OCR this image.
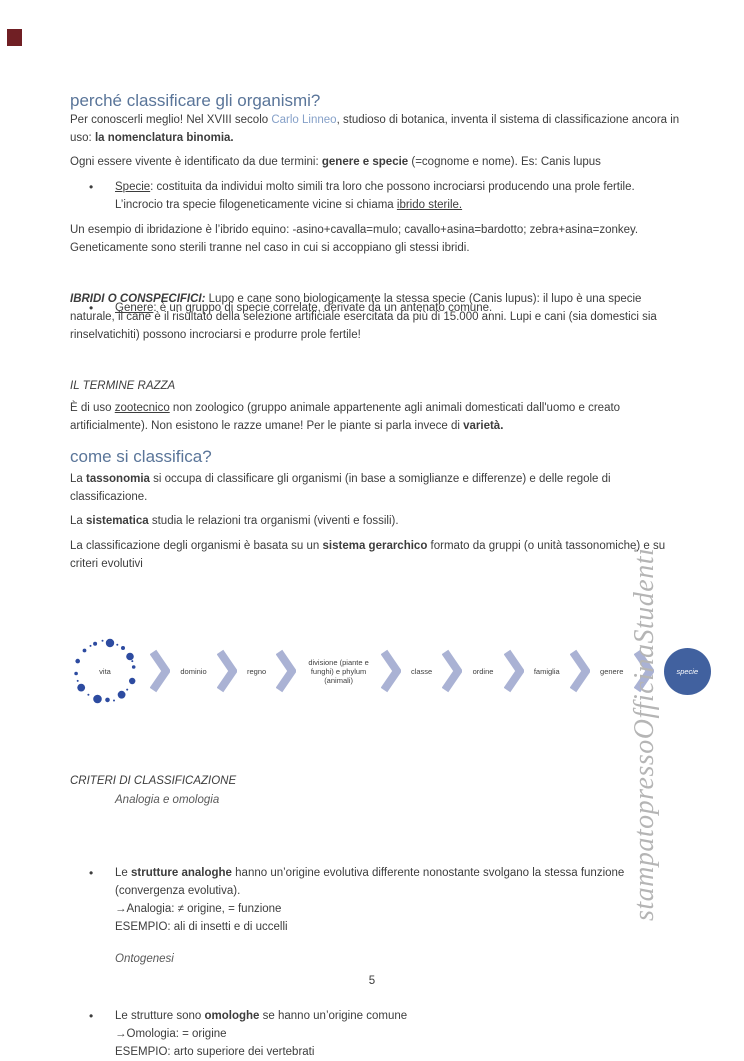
perché classificare gli organismi?
Per conoscerli meglio! Nel XVIII secolo Carlo Linneo, studioso di botanica, inventa il sistema di classificazione ancora in uso: la nomenclatura binomia.
Ogni essere vivente è identificato da due termini: genere e specie (=cognome e nome). Es: Canis lupus
• Specie: costituita da individui molto simili tra loro che possono incrociarsi producendo una prole fertile. L’incrocio tra specie filogeneticamente vicine si chiama ibrido sterile.
Un esempio di ibridazione è l’ibrido equino: -asino+cavalla=mulo; cavallo+asina=bardotto; zebra+asina=zonkey. Geneticamente sono sterili tranne nel caso in cui si accoppiano gli stessi ibridi.
• Genere: è un gruppo di specie correlate, derivate da un antenato comune.
IBRIDI O CONSPECIFICI: Lupo e cane sono biologicamente la stessa specie (Canis lupus): il lupo è una specie naturale, il cane è il risultato della selezione artificiale esercitata da più di 15.000 anni. Lupi e cani (sia domestici sia rinselvatichiti) possono incrociarsi e produrre prole fertile!
IL TERMINE RAZZA
È di uso zootecnico non zoologico (gruppo animale appartenente agli animali domesticati dall'uomo e creato artificialmente). Non esistono le razze umane! Per le piante si parla invece di varietà.
come si classifica?
La tassonomia si occupa di classificare gli organismi (in base a somiglianze e differenze) e delle regole di classificazione.
La sistematica studia le relazioni tra organismi (viventi e fossili).
La classificazione degli organismi è basata su un sistema gerarchico formato da gruppi (o unità tassonomiche) e su criteri evolutivi
vita	dominio	regno
divisione (piante e funghi) e phylum (animali)
classe	ordine	famiglia	genere	specie
CRITERI DI CLASSIFICAZIONE
Analogia e omologia
• Le strutture analoghe hanno un’origine evolutiva differente nonostante svolgano la stessa funzione (convergenza evolutiva).
→Analogia: ≠ origine, = funzione
ESEMPIO: ali di insetti e di uccelli
• Le strutture sono omologhe se hanno un’origine comune
→Omologia: = origine
ESEMPIO: arto superiore dei vertebrati
Ontogenesi
stampatopressoOfficinaStudenti
5
